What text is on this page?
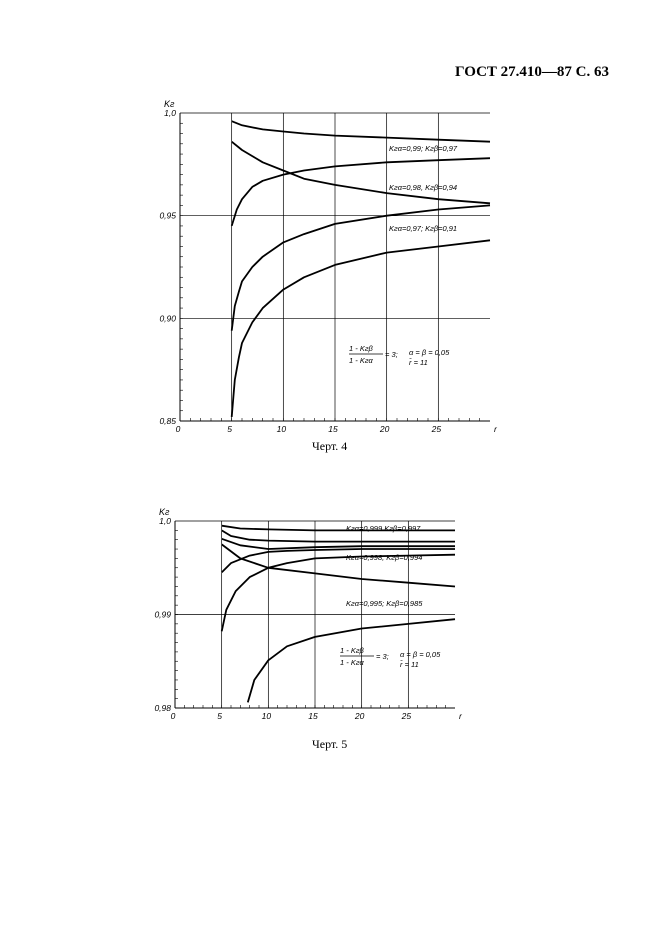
ГОСТ 27.410—87 С. 63
0	5	10	15	20	25	r
1,0
0,95
0,90
0,85
Kг
Kгα=0,99; Kгβ=0,97
Kгα=0,98, Kгβ=0,94
Kгα=0,97; Kгβ=0,91
1 - Kгβ
1 - Kгα
= 3; α = β = 0,05
r̄ = 11
Черт. 4
0	5	10	15	20	25	r
1,0
0,99
0,98
Kг
Kгα=0,999 Kгβ=0,997
Kгα=0,998, Kгβ=0,994
Kгα=0,995; Kгβ=0,985
1 - Kгβ
1 - Kгα
= 3; α = β = 0,05
r̄ = 11
Черт. 5
